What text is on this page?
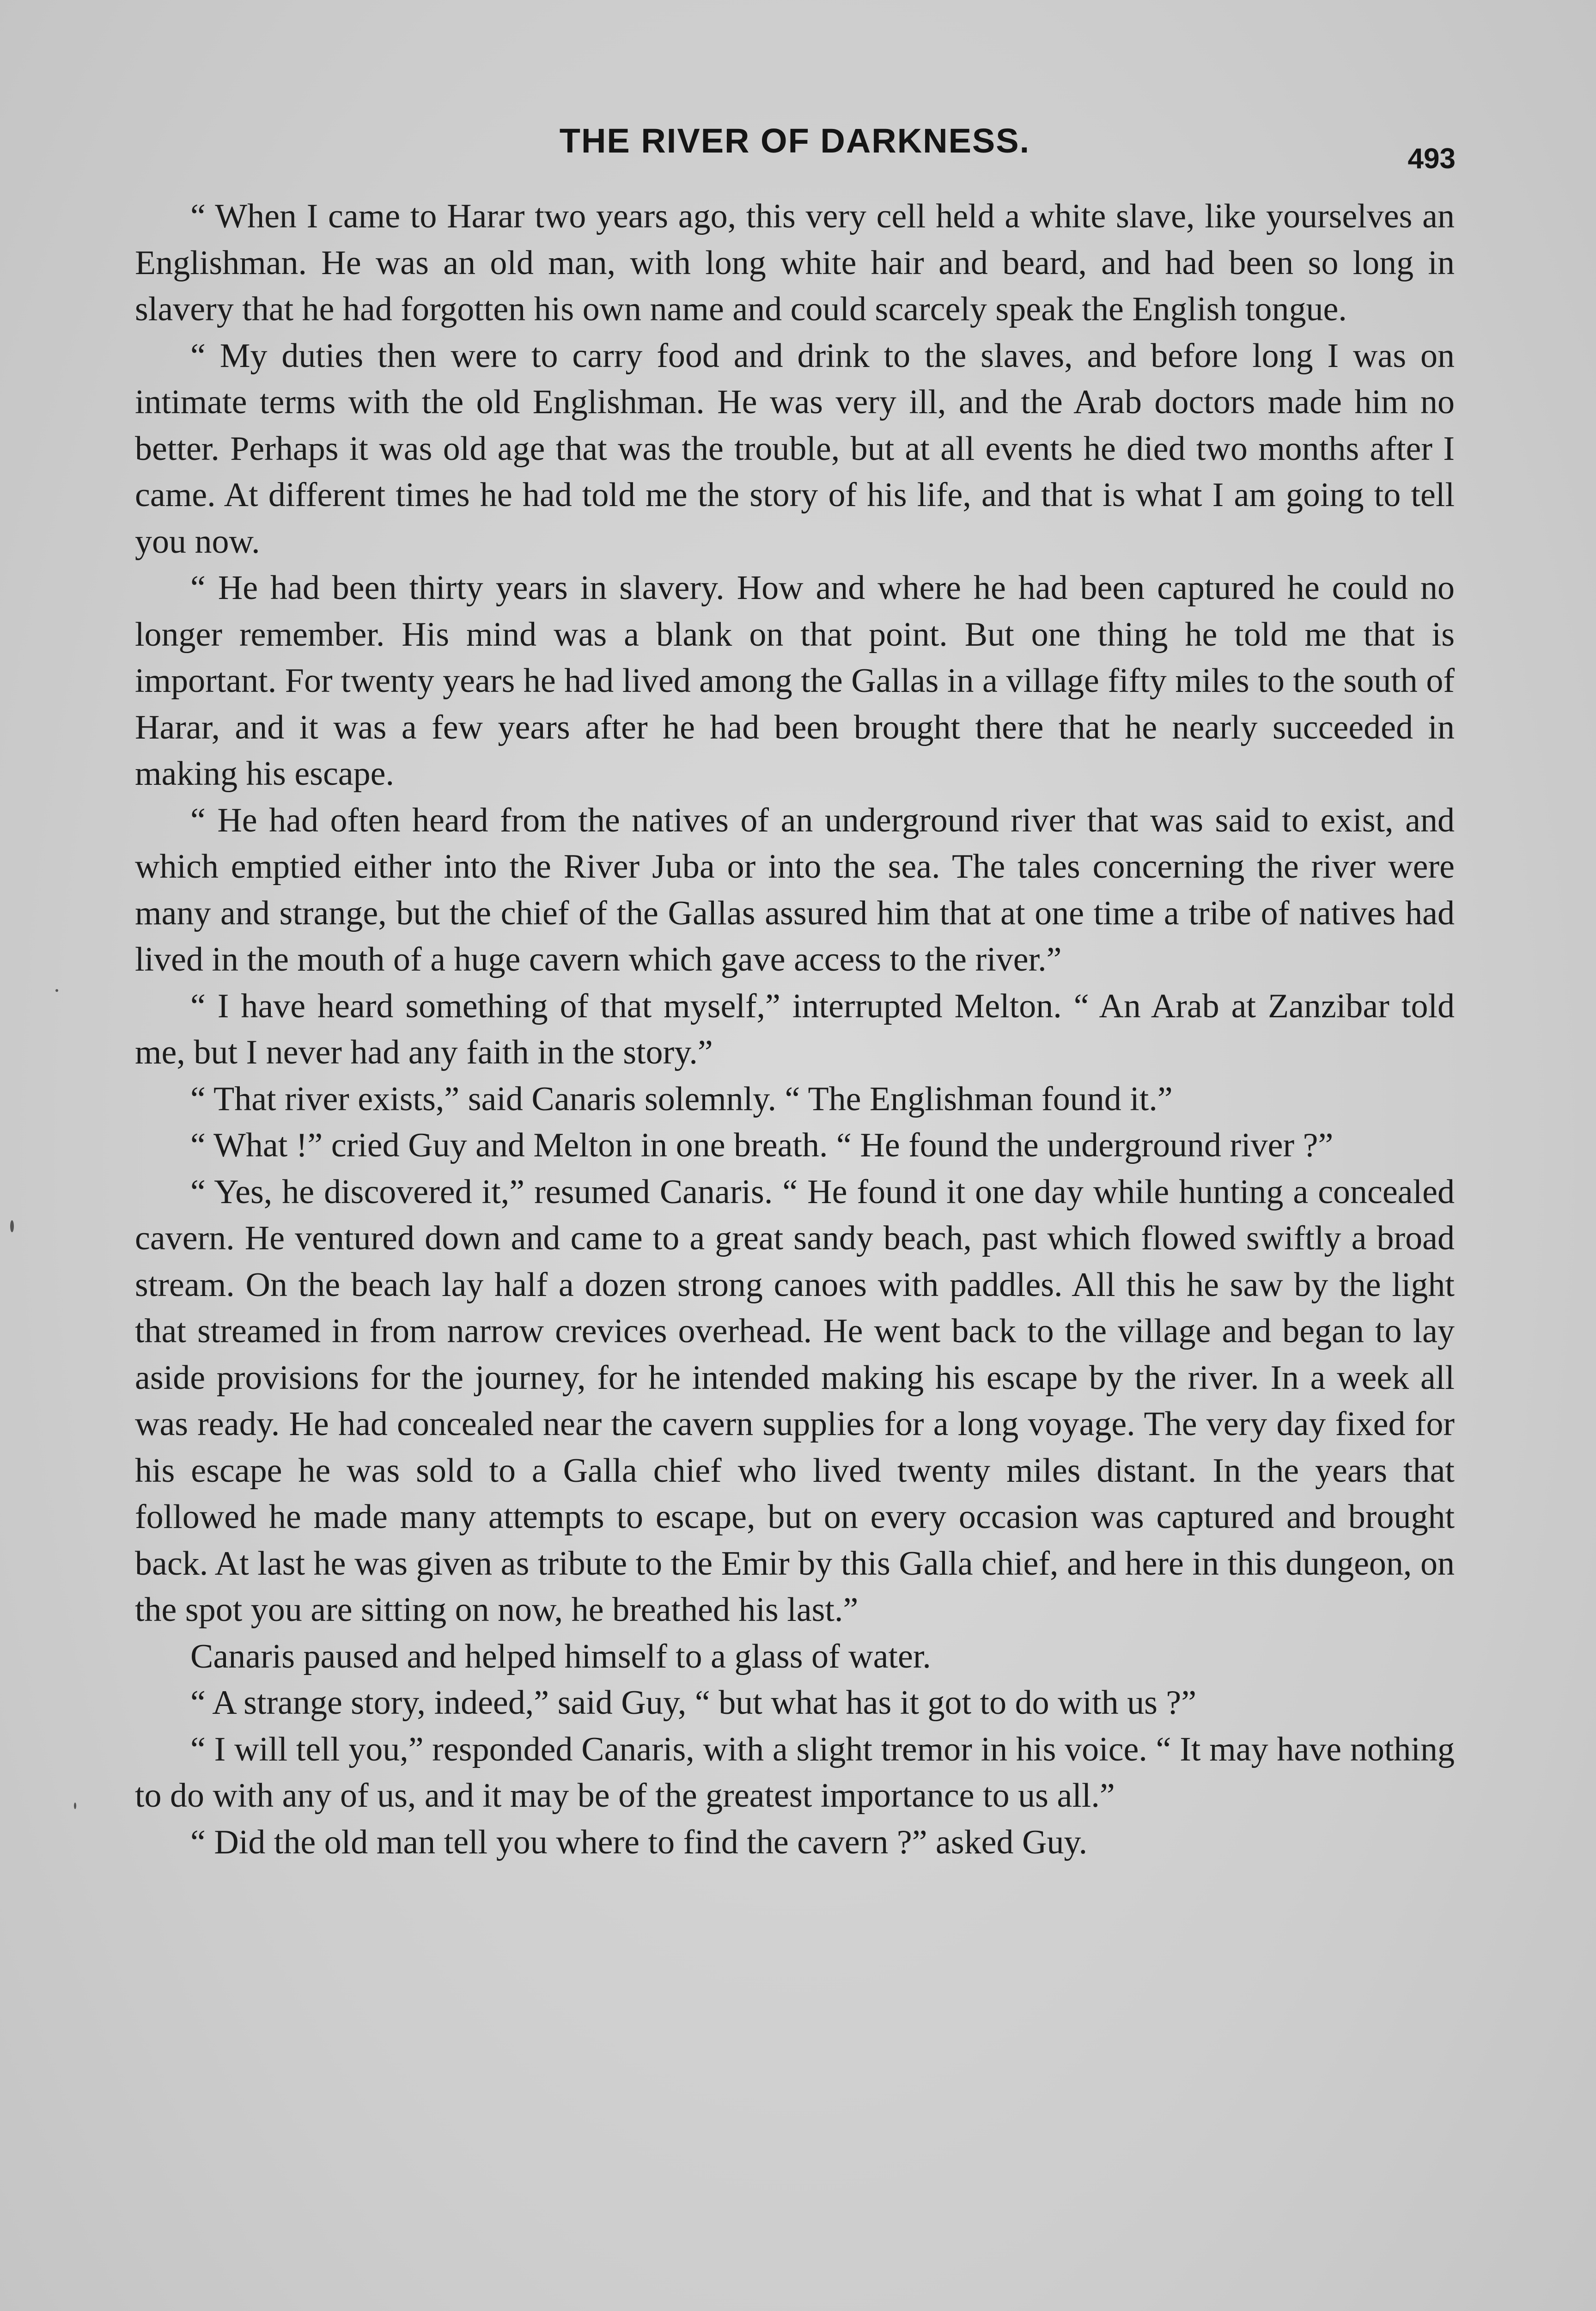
THE RIVER OF DARKNESS.	493

“ When I came to Harar two years ago, this very cell held a white slave, like yourselves an Englishman. He was an old man, with long white hair and beard, and had been so long in slavery that he had forgotten his own name and could scarcely speak the English tongue.

“ My duties then were to carry food and drink to the slaves, and before long I was on intimate terms with the old Englishman. He was very ill, and the Arab doctors made him no better. Perhaps it was old age that was the trouble, but at all events he died two months after I came. At different times he had told me the story of his life, and that is what I am going to tell you now.

“ He had been thirty years in slavery. How and where he had been captured he could no longer remember. His mind was a blank on that point. But one thing he told me that is important. For twenty years he had lived among the Gallas in a village fifty miles to the south of Harar, and it was a few years after he had been brought there that he nearly succeeded in making his escape.

“ He had often heard from the natives of an underground river that was said to exist, and which emptied either into the River Juba or into the sea. The tales concerning the river were many and strange, but the chief of the Gallas assured him that at one time a tribe of natives had lived in the mouth of a huge cavern which gave access to the river.”

“ I have heard something of that myself,” interrupted Melton. “ An Arab at Zanzibar told me, but I never had any faith in the story.”

“ That river exists,” said Canaris solemnly. “ The Englishman found it.”

“ What !” cried Guy and Melton in one breath. “ He found the underground river ?”

“ Yes, he discovered it,” resumed Canaris. “ He found it one day while hunting a concealed cavern. He ventured down and came to a great sandy beach, past which flowed swiftly a broad stream. On the beach lay half a dozen strong canoes with paddles. All this he saw by the light that streamed in from narrow crevices overhead. He went back to the village and began to lay aside provisions for the journey, for he intended making his escape by the river. In a week all was ready. He had concealed near the cavern supplies for a long voyage. The very day fixed for his escape he was sold to a Galla chief who lived twenty miles distant. In the years that followed he made many attempts to escape, but on every occasion was captured and brought back. At last he was given as tribute to the Emir by this Galla chief, and here in this dungeon, on the spot you are sitting on now, he breathed his last.”

Canaris paused and helped himself to a glass of water.

“ A strange story, indeed,” said Guy, “ but what has it got to do with us ?”

“ I will tell you,” responded Canaris, with a slight tremor in his voice. “ It may have nothing to do with any of us, and it may be of the greatest importance to us all.”

“ Did the old man tell you where to find the cavern ?” asked Guy.
